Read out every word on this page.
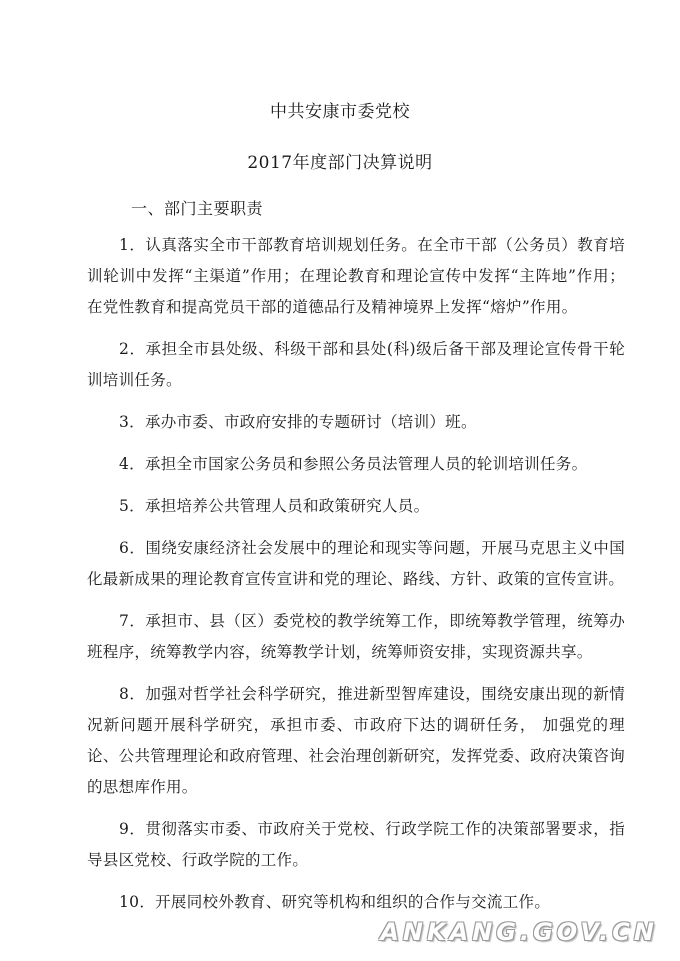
中共安康市委党校
2017年度部门决算说明
一、部门主要职责
1．认真落实全市干部教育培训规划任务。在全市干部（公务员）教育培训轮训中发挥“主渠道”作用；在理论教育和理论宣传中发挥“主阵地”作用；在党性教育和提高党员干部的道德品行及精神境界上发挥“熔炉”作用。
2．承担全市县处级、科级干部和县处(科)级后备干部及理论宣传骨干轮训培训任务。
3．承办市委、市政府安排的专题研讨（培训）班。
4．承担全市国家公务员和参照公务员法管理人员的轮训培训任务。
5．承担培养公共管理人员和政策研究人员。
6．围绕安康经济社会发展中的理论和现实等问题，开展马克思主义中国化最新成果的理论教育宣传宣讲和党的理论、路线、方针、政策的宣传宣讲。
7．承担市、县（区）委党校的教学统筹工作，即统筹教学管理，统筹办班程序，统筹教学内容，统筹教学计划，统筹师资安排，实现资源共享。
8．加强对哲学社会科学研究，推进新型智库建设，围绕安康出现的新情况新问题开展科学研究，承担市委、市政府下达的调研任务， 加强党的理论、公共管理理论和政府管理、社会治理创新研究，发挥党委、政府决策咨询的思想库作用。
9．贯彻落实市委、市政府关于党校、行政学院工作的决策部署要求，指导县区党校、行政学院的工作。
10．开展同校外教育、研究等机构和组织的合作与交流工作。
ANKANG.GOV.CN
